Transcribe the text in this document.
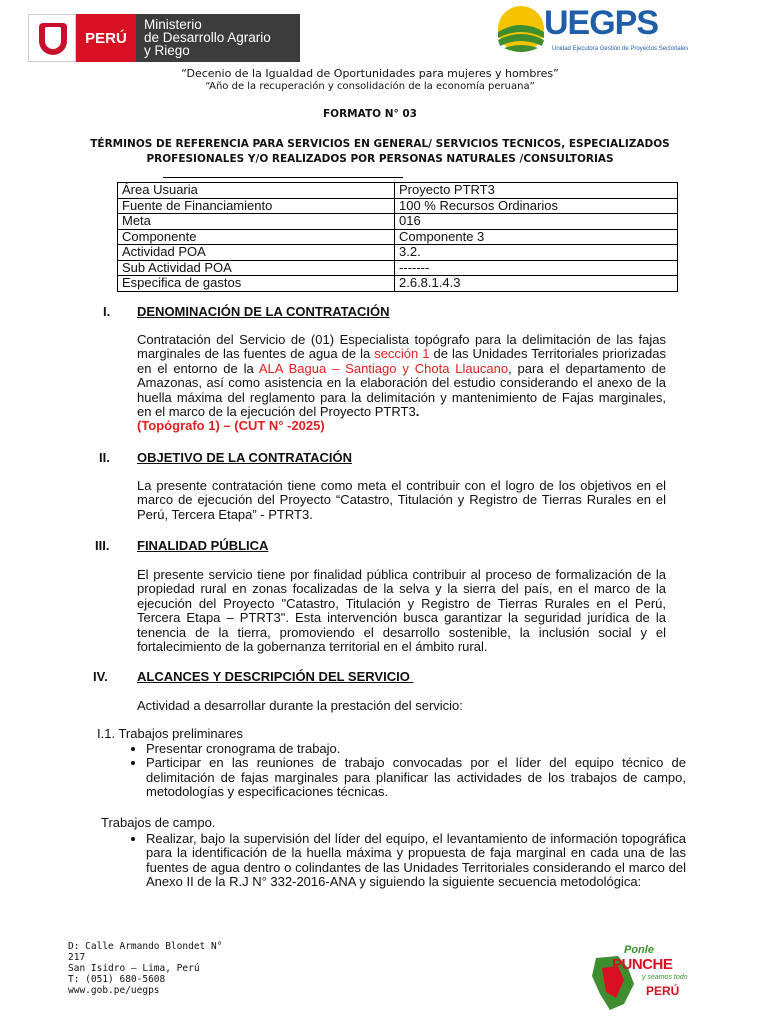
PERÚ
Ministerio
de Desarrollo Agrario
y Riego
UEGPS
Unidad Ejecutora Gestión de Proyectos Sectoriales
“Decenio de la Igualdad de Oportunidades para mujeres y hombres”
“Año de la recuperación y consolidación de la economía peruana”
FORMATO N° 03
TÉRMINOS DE REFERENCIA PARA SERVICIOS EN GENERAL/ SERVICIOS TECNICOS, ESPECIALIZADOS
PROFESIONALES Y/O REALIZADOS POR PERSONAS NATURALES /CONSULTORIAS
Área Usuaria	Proyecto PTRT3
Fuente de Financiamiento	100 % Recursos Ordinarios
Meta	016
Componente	Componente 3
Actividad POA	3.2.
Sub Actividad POA	-------
Especifica de gastos	2.6.8.1.4.3
I. DENOMINACIÓN DE LA CONTRATACIÓN
Contratación del Servicio de (01) Especialista topógrafo para la delimitación de las fajas marginales de las fuentes de agua de la sección 1 de las Unidades Territoriales priorizadas en el entorno de la ALA Bagua – Santiago y Chota Llaucano, para el departamento de Amazonas, así como asistencia en la elaboración del estudio considerando el anexo de la huella máxima del reglamento para la delimitación y mantenimiento de Fajas marginales, en el marco de la ejecución del Proyecto PTRT3.
(Topógrafo 1) – (CUT N° -2025)
II. OBJETIVO DE LA CONTRATACIÓN
La presente contratación tiene como meta el contribuir con el logro de los objetivos en el marco de ejecución del Proyecto “Catastro, Titulación y Registro de Tierras Rurales en el Perú, Tercera Etapa” - PTRT3.
III. FINALIDAD PÚBLICA
El presente servicio tiene por finalidad pública contribuir al proceso de formalización de la propiedad rural en zonas focalizadas de la selva y la sierra del país, en el marco de la ejecución del Proyecto "Catastro, Titulación y Registro de Tierras Rurales en el Perú, Tercera Etapa – PTRT3". Esta intervención busca garantizar la seguridad jurídica de la tenencia de la tierra, promoviendo el desarrollo sostenible, la inclusión social y el fortalecimiento de la gobernanza territorial en el ámbito rural.
IV. ALCANCES Y DESCRIPCIÓN DEL SERVICIO
Actividad a desarrollar durante la prestación del servicio:
I.1. Trabajos preliminares
• Presentar cronograma de trabajo.
• Participar en las reuniones de trabajo convocadas por el líder del equipo técnico de delimitación de fajas marginales para planificar las actividades de los trabajos de campo, metodologías y especificaciones técnicas.
Trabajos de campo.
• Realizar, bajo la supervisión del líder del equipo, el levantamiento de información topográfica para la identificación de la huella máxima y propuesta de faja marginal en cada una de las fuentes de agua dentro o colindantes de las Unidades Territoriales considerando el marco del Anexo II de la R.J N° 332-2016-ANA y siguiendo la siguiente secuencia metodológica:
D: Calle Armando Blondet N°
217
San Isidro – Lima, Perú
T: (051) 680-5608
www.gob.pe/uegps
Ponle
PUNCHE
y seamos todo
PERÚ
